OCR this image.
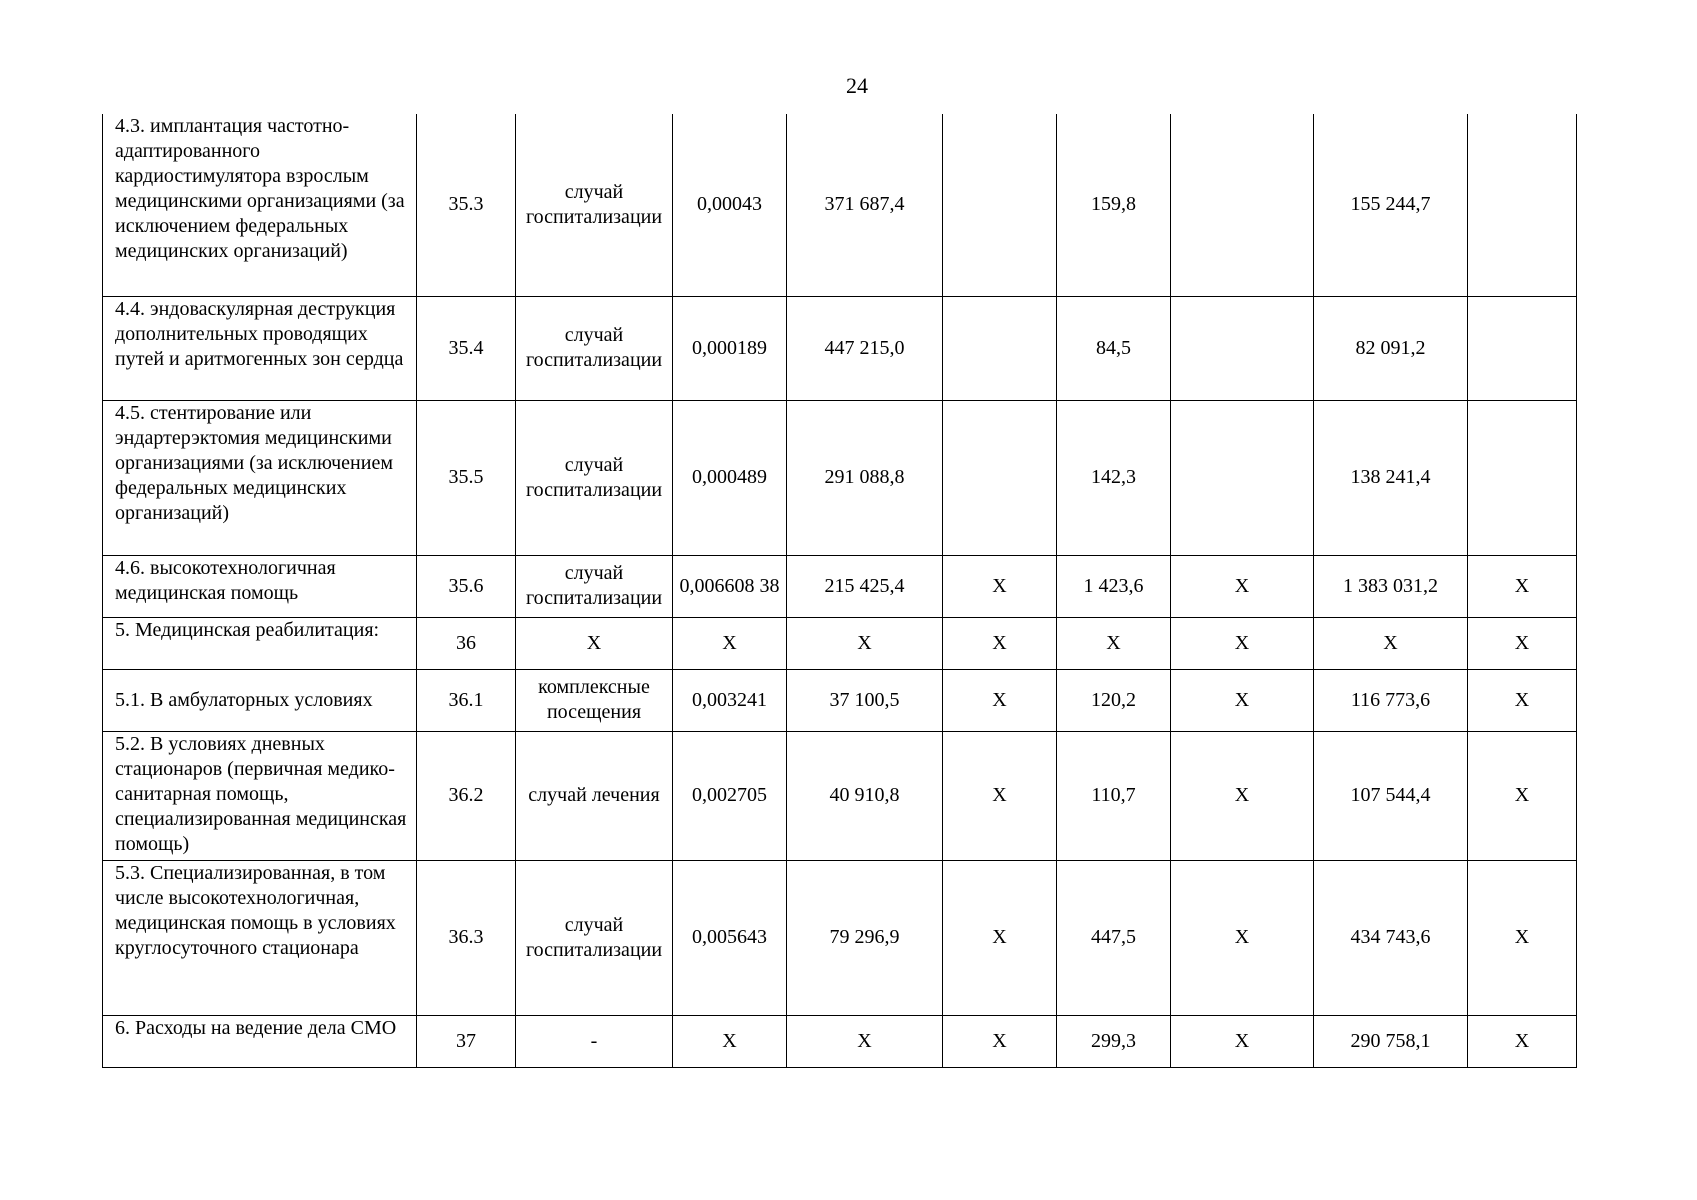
24
4.3. имплантация частотно-адаптированного кардиостимулятора взрослым медицинскими организациями (за исключением федеральных медицинских организаций)	35.3	случай госпитализации	0,00043	371 687,4		159,8		155 244,7	
4.4. эндоваскулярная деструкция дополнительных проводящих путей и аритмогенных зон сердца	35.4	случай госпитализации	0,000189	447 215,0		84,5		82 091,2	
4.5. стентирование или эндартерэктомия медицинскими организациями (за исключением федеральных медицинских организаций)	35.5	случай госпитализации	0,000489	291 088,8		142,3		138 241,4	
4.6. высокотехнологичная медицинская помощь	35.6	случай госпитализации	0,006608 38	215 425,4	X	1 423,6	X	1 383 031,2	X
5. Медицинская реабилитация:	36	X	X	X	X	X	X	X	X
5.1. В амбулаторных условиях	36.1	комплексные посещения	0,003241	37 100,5	X	120,2	X	116 773,6	X
5.2. В условиях дневных стационаров (первичная медико-санитарная помощь, специализированная медицинская помощь)	36.2	случай лечения	0,002705	40 910,8	X	110,7	X	107 544,4	X
5.3. Специализированная, в том числе высокотехнологичная, медицинская помощь в условиях круглосуточного стационара	36.3	случай госпитализации	0,005643	79 296,9	X	447,5	X	434 743,6	X
6. Расходы на ведение дела СМО	37	-	X	X	X	299,3	X	290 758,1	X
